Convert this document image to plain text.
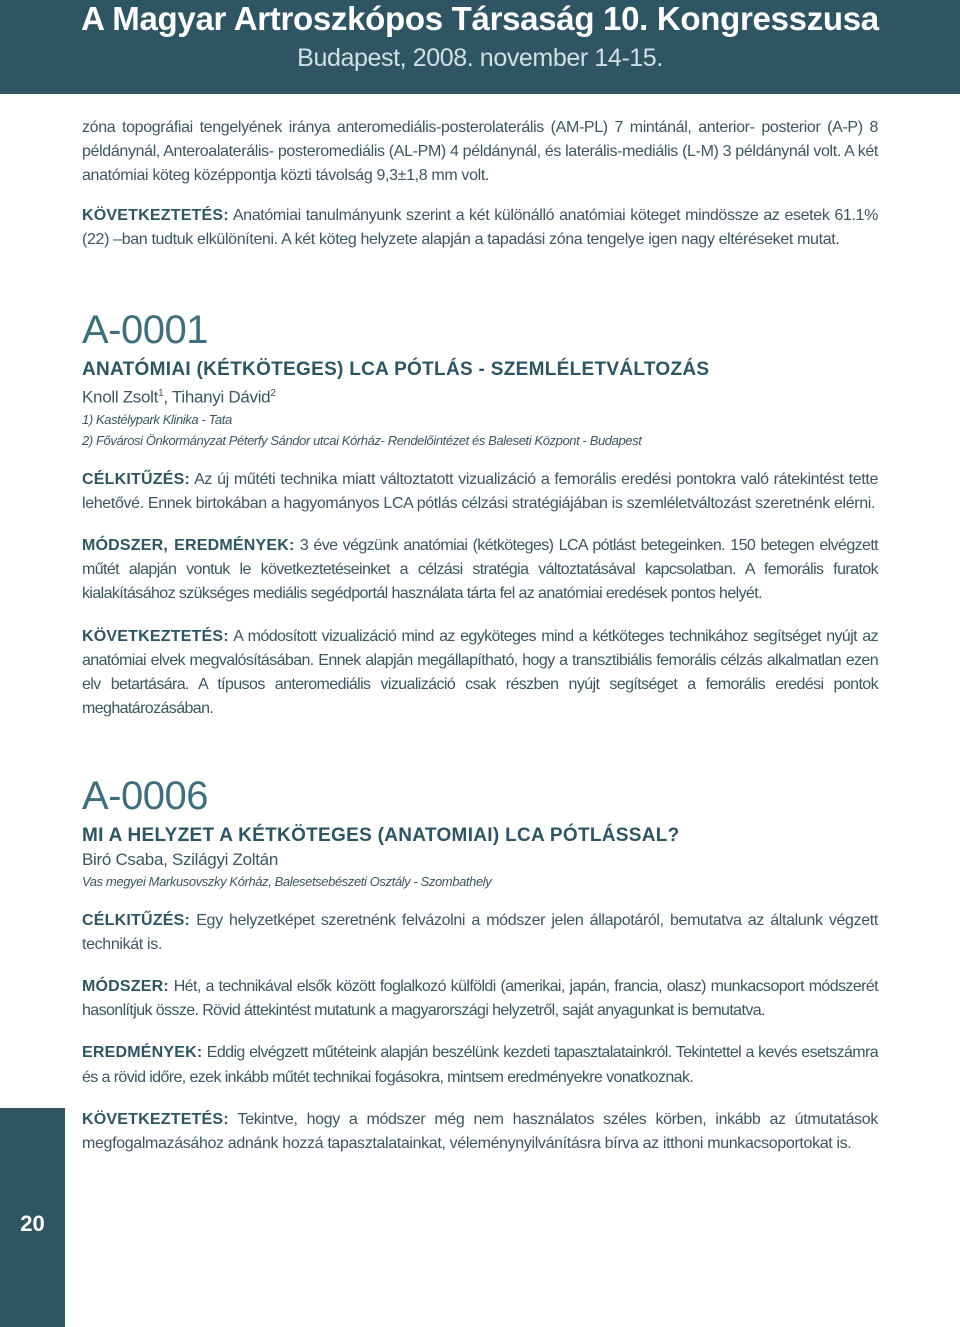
A Magyar Artroszkópos Társaság 10. Kongresszusa
Budapest, 2008. november 14-15.

zóna topográfiai tengelyének iránya anteromediális-posterolaterális (AM-PL) 7 mintánál, anterior- posterior (A-P) 8 példánynál, Anteroalaterális- posteromediális (AL-PM) 4 példánynál, és laterális-mediális (L-M) 3 példánynál volt. A két anatómiai köteg középpontja közti távolság 9,3±1,8 mm volt.

KÖVETKEZTETÉS: Anatómiai tanulmányunk szerint a két különálló anatómiai köteget mindössze az esetek 61.1% (22) –ban tudtuk elkülöníteni. A két köteg helyzete alapján a tapadási zóna tengelye igen nagy eltéréseket mutat.

A-0001

ANATÓMIAI (KÉTKÖTEGES) LCA PÓTLÁS - SZEMLÉLETVÁLTOZÁS

Knoll Zsolt$^1$, Tihanyi Dávid$^2$

1) Kastélypark Klinika - Tata

2) Fővárosi Önkormányzat Péterfy Sándor utcai Kórház- Rendelőintézet és Baleseti Központ - Budapest

CÉLKITŰZÉS: Az új műtéti technika miatt változtatott vizualizáció a femorális eredési pontokra való rátekintést tette lehetővé. Ennek birtokában a hagyományos LCA pótlás célzási stratégiájában is szemléletváltozást szeretnénk elérni.

MÓDSZER, EREDMÉNYEK: 3 éve végzünk anatómiai (kétköteges) LCA pótlást betegeinken. 150 betegen elvégzett műtét alapján vontuk le következtetéseinket a célzási stratégia változtatásával kapcsolatban. A femorális furatok kialakításához szükséges mediális segédportál használata tárta fel az anatómiai eredések pontos helyét.

KÖVETKEZTETÉS: A módosított vizualizáció mind az egyköteges mind a kétköteges technikához segítséget nyújt az anatómiai elvek megvalósításában. Ennek alapján megállapítható, hogy a transztibiális femorális célzás alkalmatlan ezen elv betartására. A típusos anteromediális vizualizáció csak részben nyújt segítséget a femorális eredési pontok meghatározásában.

A-0006

MI A HELYZET A KÉTKÖTEGES (ANATOMIAI) LCA PÓTLÁSSAL?

Biró Csaba, Szilágyi Zoltán

Vas megyei Markusovszky Kórház, Balesetsebészeti Osztály - Szombathely

CÉLKITŰZÉS: Egy helyzetképet szeretnénk felvázolni a módszer jelen állapotáról, bemutatva az általunk végzett technikát is.

MÓDSZER: Hét, a technikával elsők között foglalkozó külföldi (amerikai, japán, francia, olasz) munkacsoport módszerét hasonlítjuk össze. Rövid áttekintést mutatunk a magyarországi helyzetről, saját anyagunkat is bemutatva.

EREDMÉNYEK: Eddig elvégzett műtéteink alapján beszélünk kezdeti tapasztalatainkról. Tekintettel a kevés esetszámra és a rövid időre, ezek inkább műtét technikai fogásokra, mintsem eredményekre vonatkoznak.

KÖVETKEZTETÉS: Tekintve, hogy a módszer még nem használatos széles körben, inkább az útmutatások megfogalmazásához adnánk hozzá tapasztalatainkat, véleménynyilvánításra bírva az itthoni munkacsoportokat is.

20
